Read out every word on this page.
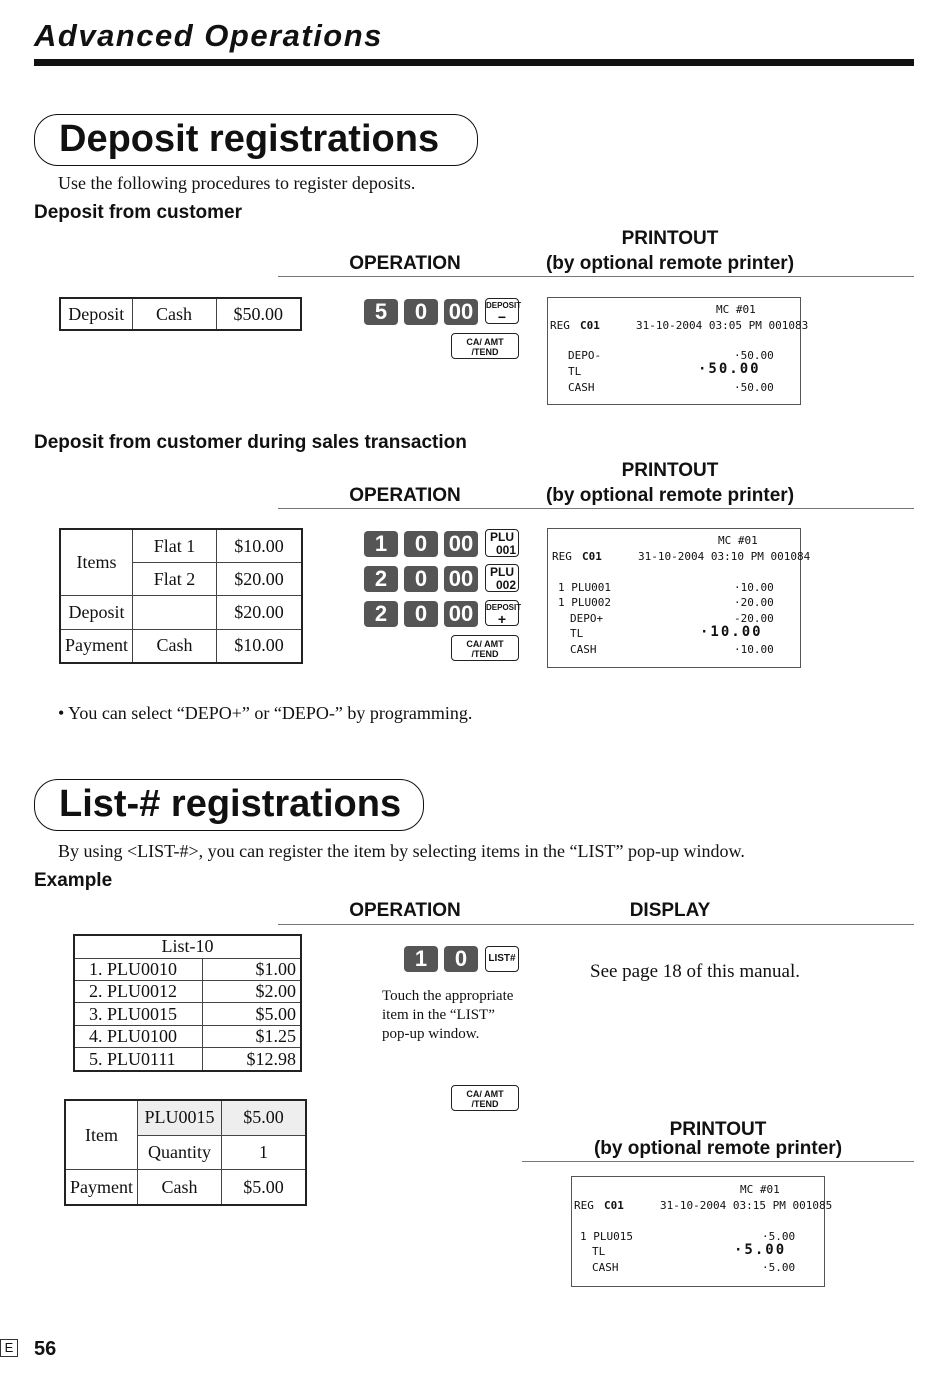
Advanced Operations
Deposit registrations
Use the following procedures to register deposits.
Deposit from customer
PRINTOUT
OPERATION	(by optional remote printer)
Deposit	Cash	$50.00	5	0 00	DEPOSIT
−
CA/ AMT
/TEND
MC #01
REG C01	31-10-2004 03:05 PM 001083
DEPO-	·50.00
TL	·50.00
CASH	·50.00
Deposit from customer during sales transaction
PRINTOUT
OPERATION	(by optional remote printer)
Items	Flat 1	$10.00
	Flat 2	$20.00
Deposit		$20.00
Payment	Cash	$10.00
1	0 00	PLU
001
2	0 00	PLU
002
2	0 00	DEPOSIT
+
CA/ AMT
/TEND
MC #01
REG C01	31-10-2004 03:10 PM 001084
1 PLU001	·10.00
1 PLU002	·20.00
DEPO+	-20.00
TL	·10.00
CASH	·10.00
• You can select “DEPO+” or “DEPO-” by programming.
List-# registrations
By using <LIST-#>, you can register the item by selecting items in the “LIST” pop-up window.
Example
OPERATION	DISPLAY
List-10	
1. PLU0010	$1.00
2. PLU0012	$2.00
3. PLU0015	$5.00
4. PLU0100	$1.25
5. PLU0111	$12.98
1	0	LIST#
Touch the appropriate
item in the “LIST”
pop-up window.
See page 18 of this manual.
CA/ AMT
/TEND
Item	PLU0015	$5.00
	Quantity	1
Payment	Cash	$5.00
PRINTOUT
(by optional remote printer)
MC #01
REG C01	31-10-2004 03:15 PM 001085
1 PLU015	·5.00
TL	·5.00
CASH	·5.00
E 56
